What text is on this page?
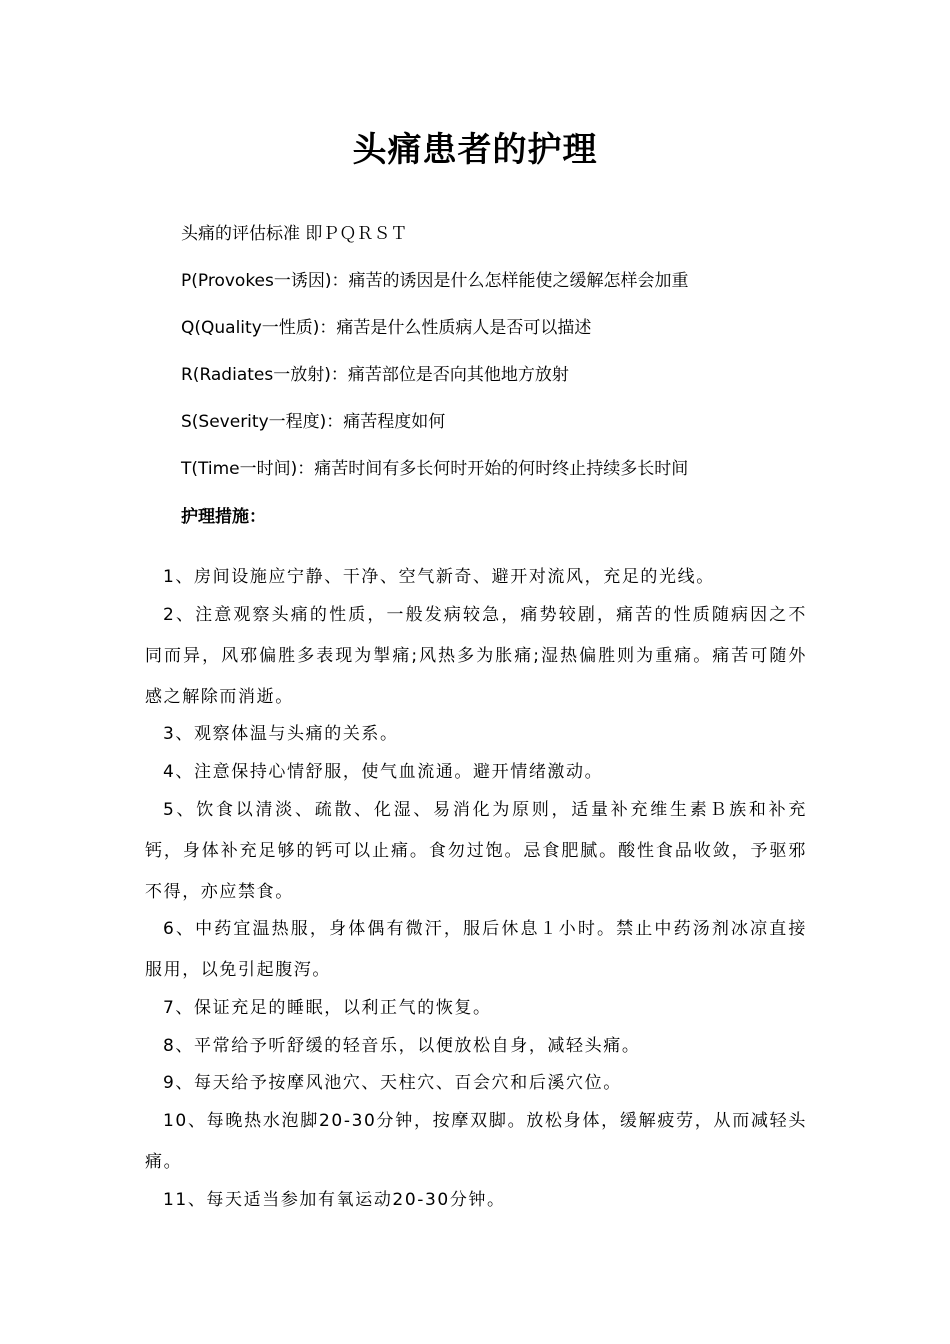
头痛患者的护理
头痛的评估标准 即ＰＱＲＳＴ
P(Provokes一诱因)：痛苦的诱因是什么怎样能使之缓解怎样会加重
Q(Quality一性质)：痛苦是什么性质病人是否可以描述
R(Radiates一放射)：痛苦部位是否向其他地方放射
S(Severity一程度)：痛苦程度如何
T(Time一时间)：痛苦时间有多长何时开始的何时终止持续多长时间
护理措施：
1、房间设施应宁静、干净、空气新奇、避开对流风，充足的光线。
2、注意观察头痛的性质，一般发病较急，痛势较剧，痛苦的性质随病因之不同而异，风邪偏胜多表现为掣痛;风热多为胀痛;湿热偏胜则为重痛。痛苦可随外感之解除而消逝。
3、观察体温与头痛的关系。
4、注意保持心情舒服，使气血流通。避开情绪激动。
5、饮食以清淡、疏散、化湿、易消化为原则，适量补充维生素Ｂ族和补充钙，身体补充足够的钙可以止痛。食勿过饱。忌食肥腻。酸性食品收敛，予驱邪不得，亦应禁食。
6、中药宜温热服，身体偶有微汗，服后休息１小时。禁止中药汤剂冰凉直接服用，以免引起腹泻。
7、保证充足的睡眠，以利正气的恢复。
8、平常给予听舒缓的轻音乐，以便放松自身，减轻头痛。
9、每天给予按摩风池穴、天柱穴、百会穴和后溪穴位。
10、每晚热水泡脚20-30分钟，按摩双脚。放松身体，缓解疲劳，从而减轻头痛。
11、每天适当参加有氧运动20-30分钟。
